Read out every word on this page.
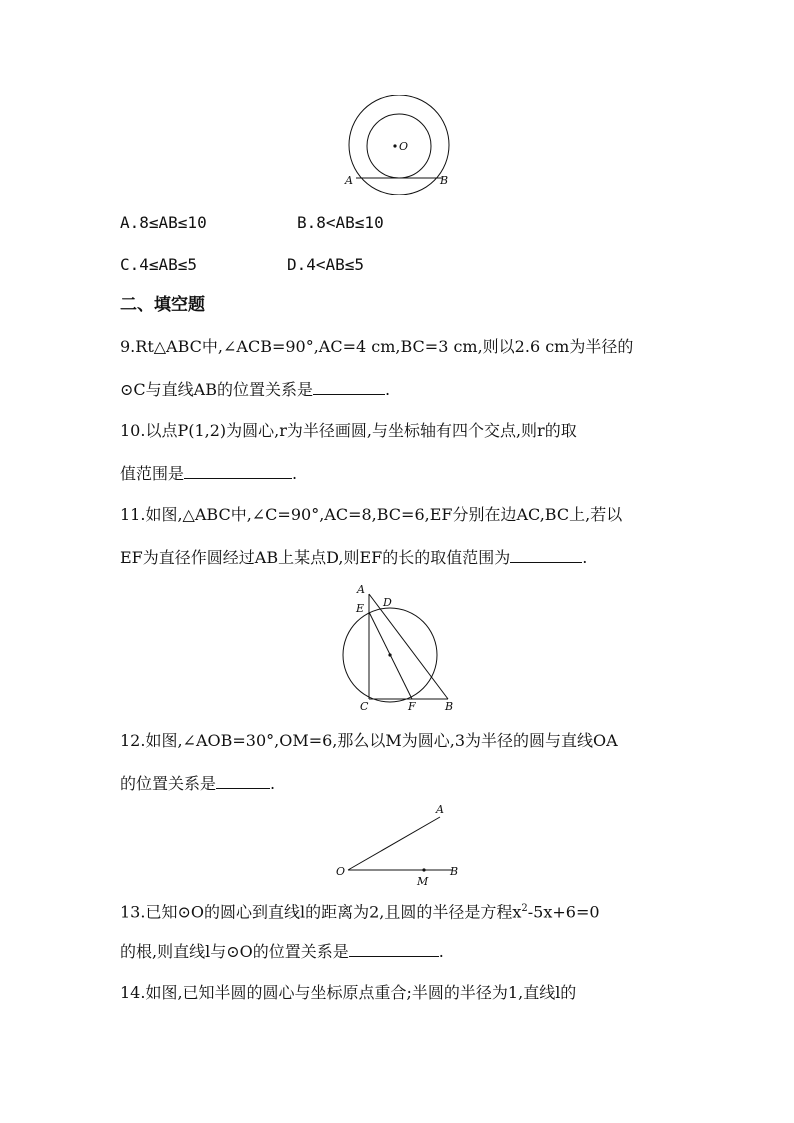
O
A	B
A.8≤AB≤10	B.8<AB≤10
C.4≤AB≤5	D.4<AB≤5
二、填空题
9.Rt△ABC中,∠ACB=90°,AC=4 cm,BC=3 cm,则以2.6 cm为半径的
⊙C与直线AB的位置关系是	.
10.以点P(1,2)为圆心,r为半径画圆,与坐标轴有四个交点,则r的取
值范围是	.
11.如图,△ABC中,∠C=90°,AC=8,BC=6,EF分别在边AC,BC上,若以
EF为直径作圆经过AB上某点D,则EF的长的取值范围为	.
A
E D
C	F	B
12.如图,∠AOB=30°,OM=6,那么以M为圆心,3为半径的圆与直线OA
的位置关系是	.
A
O	B
M
13.已知⊙O的圆心到直线l的距离为2,且圆的半径是方程$x^2-5x+6=0$
的根,则直线l与⊙O的位置关系是	.
14.如图,已知半圆的圆心与坐标原点重合;半圆的半径为1,直线l的
